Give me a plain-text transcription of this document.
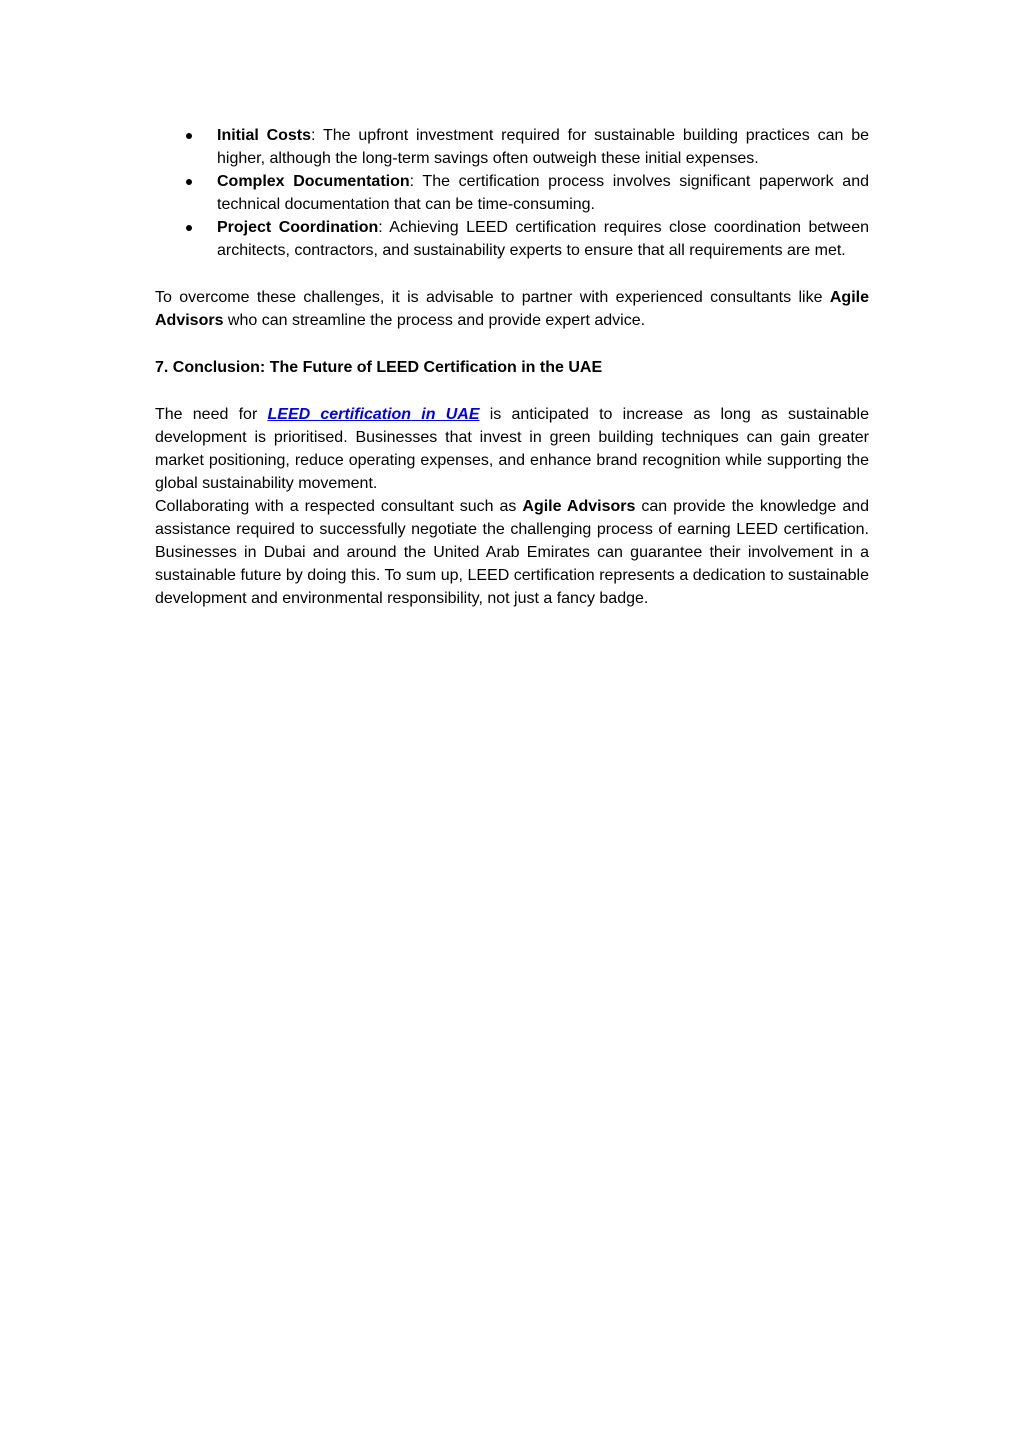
Initial Costs: The upfront investment required for sustainable building practices can be higher, although the long-term savings often outweigh these initial expenses.
Complex Documentation: The certification process involves significant paperwork and technical documentation that can be time-consuming.
Project Coordination: Achieving LEED certification requires close coordination between architects, contractors, and sustainability experts to ensure that all requirements are met.

To overcome these challenges, it is advisable to partner with experienced consultants like Agile Advisors who can streamline the process and provide expert advice.

7. Conclusion: The Future of LEED Certification in the UAE

The need for LEED certification in UAE is anticipated to increase as long as sustainable development is prioritised. Businesses that invest in green building techniques can gain greater market positioning, reduce operating expenses, and enhance brand recognition while supporting the global sustainability movement.

Collaborating with a respected consultant such as Agile Advisors can provide the knowledge and assistance required to successfully negotiate the challenging process of earning LEED certification. Businesses in Dubai and around the United Arab Emirates can guarantee their involvement in a sustainable future by doing this. To sum up, LEED certification represents a dedication to sustainable development and environmental responsibility, not just a fancy badge.
